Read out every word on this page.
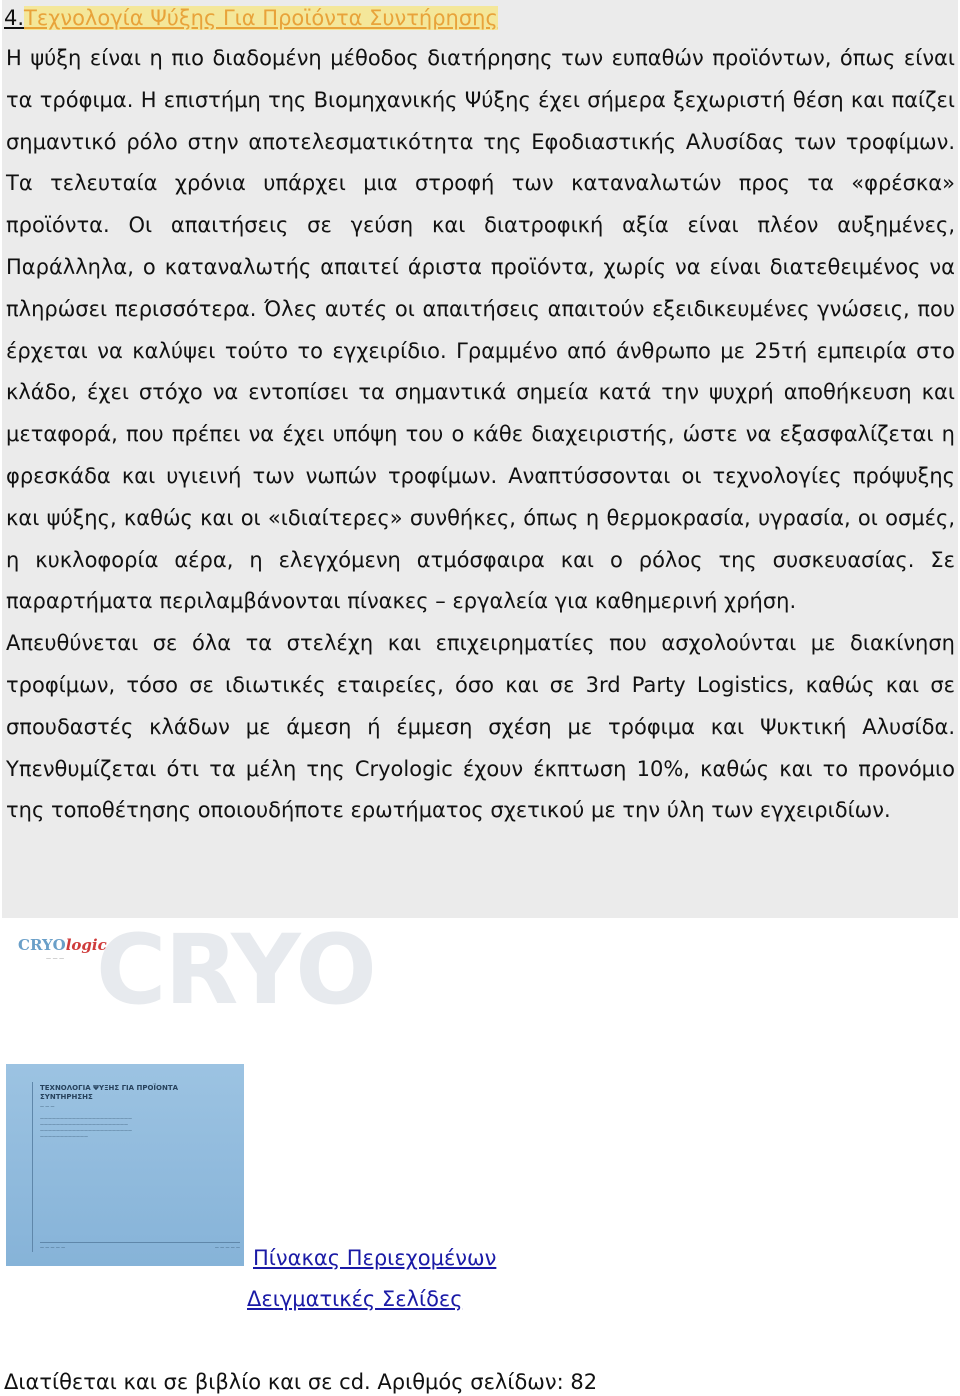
4.Τεχνολογία Ψύξης Για Προϊόντα Συντήρησης

Η ψύξη είναι η πιο διαδομένη μέθοδος διατήρησης των ευπαθών προϊόντων, όπως είναι τα τρόφιμα. Η επιστήμη της Βιομηχανικής Ψύξης έχει σήμερα ξεχωριστή θέση και παίζει σημαντικό ρόλο στην αποτελεσματικότητα της Εφοδιαστικής Αλυσίδας των τροφίμων. Τα τελευταία χρόνια υπάρχει μια στροφή των καταναλωτών προς τα «φρέσκα» προϊόντα. Οι απαιτήσεις σε γεύση και διατροφική αξία είναι πλέον αυξημένες, Παράλληλα, ο καταναλωτής απαιτεί άριστα προϊόντα, χωρίς να είναι διατεθειμένος να πληρώσει περισσότερα. Όλες αυτές οι απαιτήσεις απαιτούν εξειδικευμένες γνώσεις, που έρχεται να καλύψει τούτο το εγχειρίδιο. Γραμμένο από άνθρωπο με 25τή εμπειρία στο κλάδο, έχει στόχο να εντοπίσει τα σημαντικά σημεία κατά την ψυχρή αποθήκευση και μεταφορά, που πρέπει να έχει υπόψη του ο κάθε διαχειριστής, ώστε να εξασφαλίζεται η φρεσκάδα και υγιεινή των νωπών τροφίμων. Αναπτύσσονται οι τεχνολογίες πρόψυξης και ψύξης, καθώς και οι «ιδιαίτερες» συνθήκες, όπως η θερμοκρασία, υγρασία, οι οσμές, η κυκλοφορία αέρα, η ελεγχόμενη ατμόσφαιρα και ο ρόλος της συσκευασίας. Σε παραρτήματα περιλαμβάνονται πίνακες – εργαλεία για καθημερινή χρήση.

Απευθύνεται σε όλα τα στελέχη και επιχειρηματίες που ασχολούνται με διακίνηση τροφίμων, τόσο σε ιδιωτικές εταιρείες, όσο και σε 3rd Party Logistics, καθώς και σε σπουδαστές κλάδων με άμεση ή έμμεση σχέση με τρόφιμα και Ψυκτική Αλυσίδα. Υπενθυμίζεται ότι τα μέλη της Cryologic έχουν έκπτωση 10%, καθώς και το προνόμιο της τοποθέτησης οποιουδήποτε ερωτήματος σχετικού με την ύλη των εγχειριδίων.

CRYO
CRYOlogic
— — —
ΤΕΧΝΟΛΟΓΙΑ ΨΥΞΗΣ ΓΙΑ ΠΡΟΪΟΝΤΑ ΣΥΝΤΗΡΗΣΗΣ
— — —
———————————————————————
——————————————————————
———————————————————————
————————————
— — — — —	— — — — — Πίνακας Περιεχομένων
Δειγματικές Σελίδες
Διατίθεται και σε βιβλίο και σε cd. Αριθμός σελίδων: 82
